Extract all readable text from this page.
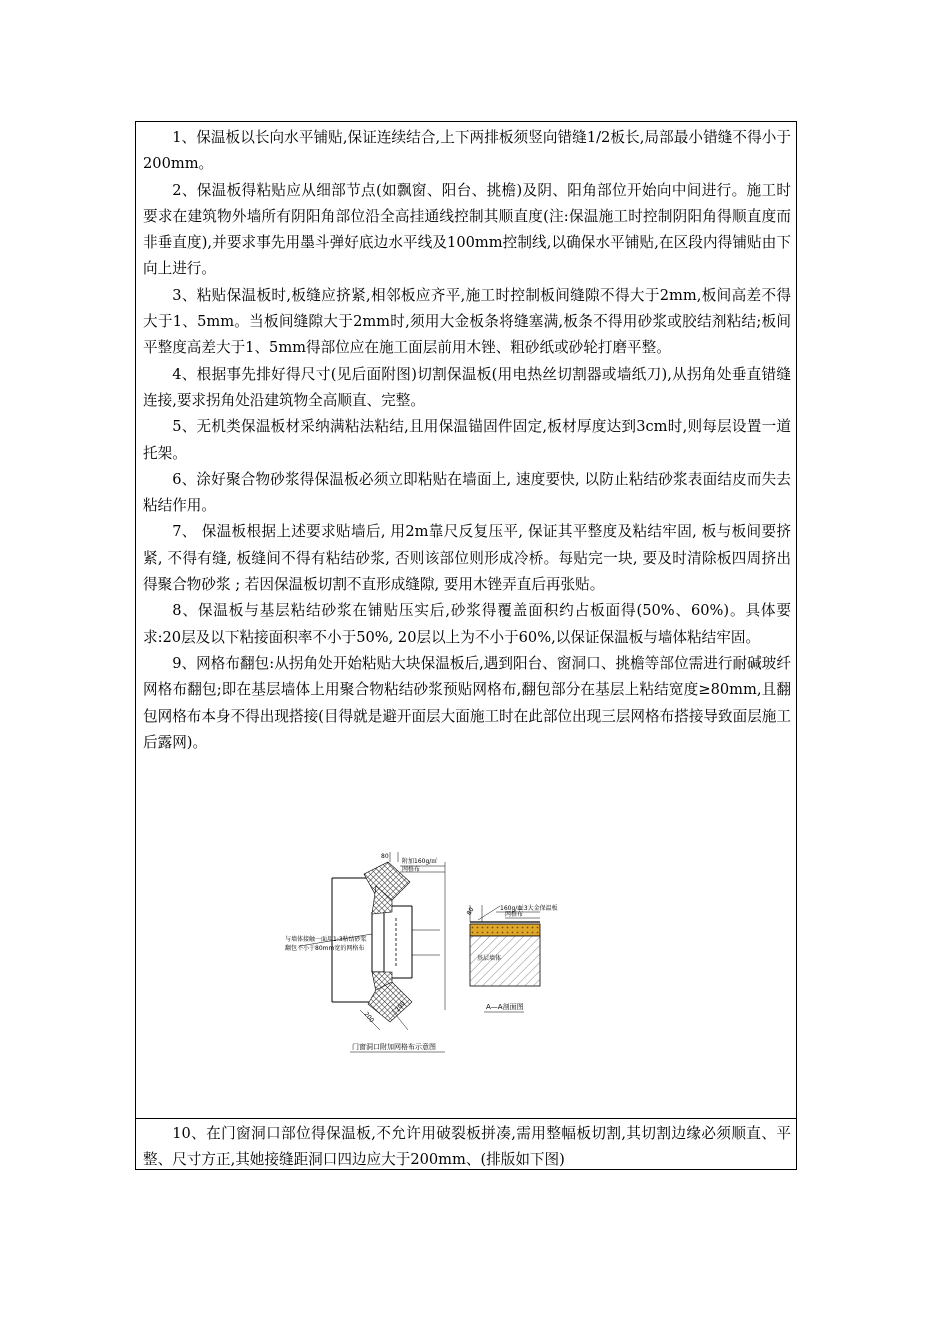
1、保温板以长向水平铺贴,保证连续结合,上下两排板须竖向错缝1/2板长,局部最小错缝不得小于200mm。

2、保温板得粘贴应从细部节点(如飘窗、阳台、挑檐)及阴、阳角部位开始向中间进行。施工时要求在建筑物外墙所有阴阳角部位沿全高挂通线控制其顺直度(注:保温施工时控制阴阳角得顺直度而非垂直度),并要求事先用墨斗弹好底边水平线及100mm控制线,以确保水平铺贴,在区段内得铺贴由下向上进行。

3、粘贴保温板时,板缝应挤紧,相邻板应齐平,施工时控制板间缝隙不得大于2mm,板间高差不得大于1、5mm。当板间缝隙大于2mm时,须用大金板条将缝塞满,板条不得用砂浆或胶结剂粘结;板间平整度高差大于1、5mm得部位应在施工面层前用木锉、粗砂纸或砂轮打磨平整。

4、根据事先排好得尺寸(见后面附图)切割保温板(用电热丝切割器或墙纸刀),从拐角处垂直错缝连接,要求拐角处沿建筑物全高顺直、完整。

5、无机类保温板材采纳满粘法粘结,且用保温锚固件固定,板材厚度达到3cm时,则每层设置一道托架。

6、涂好聚合物砂浆得保温板必须立即粘贴在墙面上, 速度要快, 以防止粘结砂浆表面结皮而失去粘结作用。

7、 保温板根据上述要求贴墙后, 用2m靠尺反复压平, 保证其平整度及粘结牢固, 板与板间要挤紧, 不得有缝, 板缝间不得有粘结砂浆, 否则该部位则形成冷桥。每贴完一块, 要及时清除板四周挤出得聚合物砂浆 ; 若因保温板切割不直形成缝隙, 要用木锉弄直后再张贴。

8、保温板与基层粘结砂浆在铺贴压实后,砂浆得覆盖面积约占板面得(50%、60%)。具体要求:20层及以下粘接面积率不小于50%, 20层以上为不小于60%,以保证保温板与墙体粘结牢固。

9、网格布翻包:从拐角处开始粘贴大块保温板后,遇到阳台、窗洞口、挑檐等部位需进行耐碱玻纤网格布翻包;即在基层墙体上用聚合物粘结砂浆预贴网格布,翻包部分在基层上粘结宽度≥80mm,且翻包网格布本身不得出现搭接(目得就是避开面层大面施工时在此部位出现三层网格布搭接导致面层施工后露网)。

80
附加160g/㎡
网格布
与墙体接触一面用1:3粘结砂浆
翻包不小于80mm宽的网格布
200
200
门窗洞口附加网格布示意图
80	160g/㎡
1:3大金保温板
网格布
基层墙体
A—A剖面图

10、在门窗洞口部位得保温板,不允许用破裂板拼凑,需用整幅板切割,其切割边缘必须顺直、平整、尺寸方正,其她接缝距洞口四边应大于200mm、(排版如下图)
